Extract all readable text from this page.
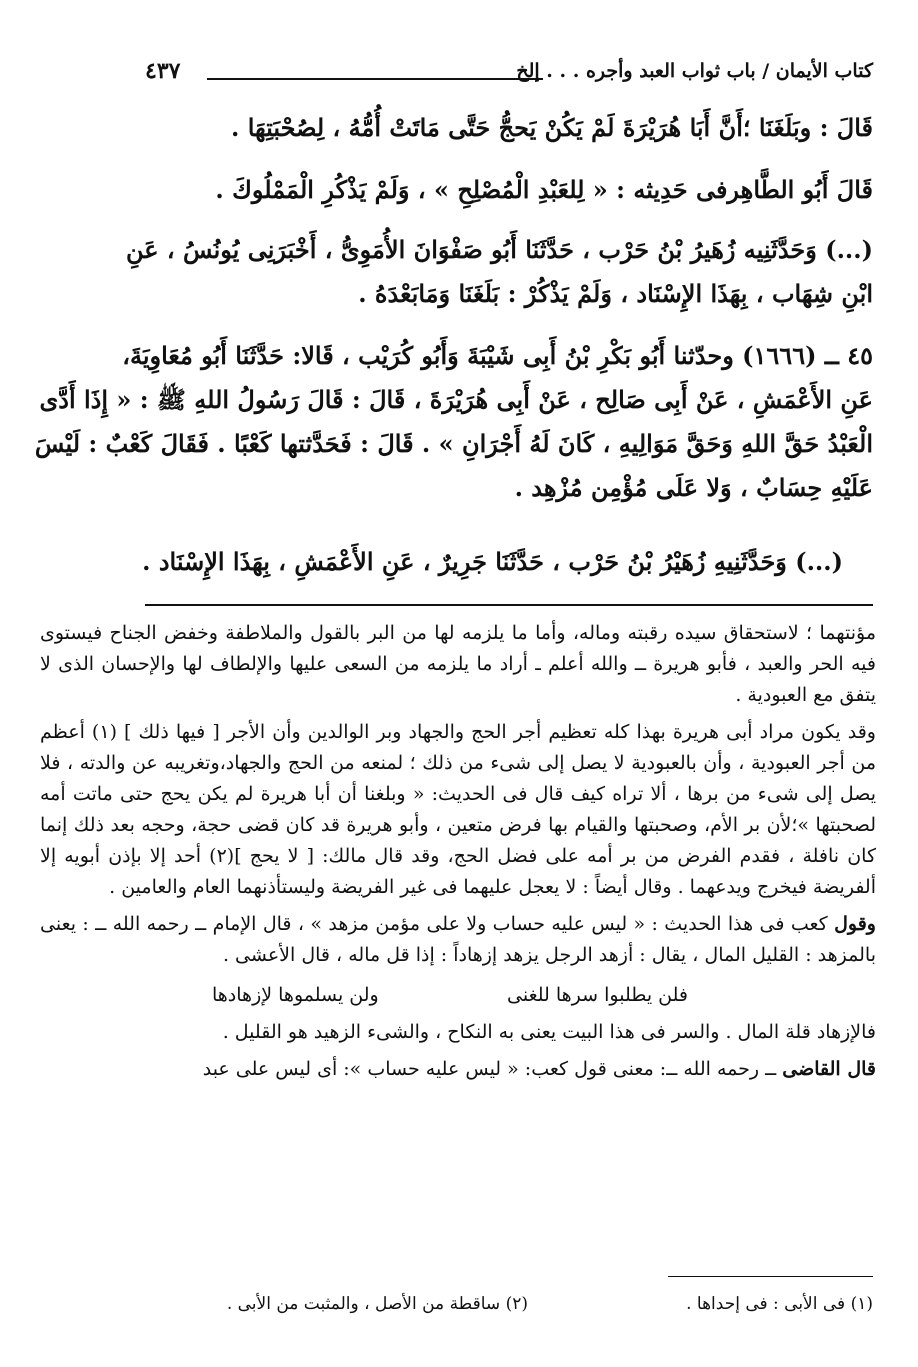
كتاب الأيمان / باب ثواب العبد وأجره . . . إلخ
٤٣٧
قَالَ : وبَلَغَنَا ؛أَنَّ أَبَا هُرَيْرَةَ لَمْ يَكُنْ يَحجُّ حَتَّى مَاتَتْ أُمُّهُ ، لِصُحْبَتِهَا .
قَالَ أَبُو الطَّاهِرفى حَدِيثه : « لِلعَبْدِ الْمُصْلِحِ » ، وَلَمْ يَذْكُرِ الْمَمْلُوكَ .
(...) وَحَدَّثَنِيه زُهَيرُ بْنُ حَرْب ، حَدَّثَنَا أَبُو صَفْوَانَ الأُمَوِىُّ ، أَخْبَرَنِى يُونُسُ ، عَنِ
ابْنِ شِهَاب ، بِهَذَا الإِسْنَاد ، وَلَمْ يَذْكُرْ : بَلَغَنَا وَمَابَعْدَهُ .
٤٥ ــ (١٦٦٦) وحدّثنا أَبُو بَكْرِ بْنُ أَبِى شَيْبَةَ وَأَبُو كُرَيْب ، قَالا: حَدَّثَنَا أَبُو مُعَاوِيَةَ،
عَنِ الأَعْمَشِ ، عَنْ أَبِى صَالِح ، عَنْ أَبِى هُرَيْرَةَ ، قَالَ : قَالَ رَسُولُ اللهِ ﷺ : « إِذَا أَدَّى
الْعَبْدُ حَقَّ اللهِ وَحَقَّ مَوَالِيهِ ، كَانَ لَهُ أَجْرَانِ » . قَالَ : فَحَدَّثتها كَعْبًا . فَقَالَ كَعْبٌ : لَيْسَ
عَلَيْهِ حِسَابٌ ، وَلا عَلَى مُؤْمِن مُزْهِد .
(...) وَحَدَّثَنِيهِ زُهَيْرُ بْنُ حَرْب ، حَدَّثَنَا جَرِيرٌ ، عَنِ الأَعْمَشِ ، بِهَذَا الإِسْنَاد .

مؤنتهما ؛ لاستحقاق سيده رقبته وماله، وأما ما يلزمه لها من البر بالقول والملاطفة وخفض الجناح فيستوى فيه الحر والعبد ، فأبو هريرة ــ والله أعلم ـ أراد ما يلزمه من السعى عليها والإلطاف لها والإحسان الذى لا يتفق مع العبودية .

وقد يكون مراد أبى هريرة بهذا كله تعظيم أجر الحج والجهاد وبر الوالدين وأن الأجر [ فيها ذلك ] (١) أعظم من أجر العبودية ، وأن بالعبودية لا يصل إلى شىء من ذلك ؛ لمنعه من الحج والجهاد،وتغريبه عن والدته ، فلا يصل إلى شىء من برها ، ألا تراه كيف قال فى الحديث: « وبلغنا أن أبا هريرة لم يكن يحج حتى ماتت أمه لصحبتها »؛لأن بر الأم، وصحبتها والقيام بها فرض متعين ، وأبو هريرة قد كان قضى حجة، وحجه بعد ذلك إنما كان نافلة ، فقدم الفرض من بر أمه على فضل الحج، وقد قال مالك: [ لا يحج ](٢) أحد إلا بإذن أبويه إلا ألفريضة فيخرج ويدعهما . وقال أيضاً : لا يعجل عليهما فى غير الفريضة وليستأذنهما العام والعامين .

وقول كعب فى هذا الحديث : « ليس عليه حساب ولا على مؤمن مزهد » ، قال الإمام ــ رحمه الله ــ : يعنى بالمزهد : القليل المال ، يقال : أزهد الرجل يزهد إزهاداً : إذا قل ماله ، قال الأعشى .

فلن يطلبوا سرها للغنى
ولن يسلموها لإزهادها

فالإزهاد قلة المال . والسر فى هذا البيت يعنى به النكاح ، والشىء الزهيد هو القليل .

قال القاضى ــ رحمه الله ــ: معنى قول كعب: « ليس عليه حساب »: أى ليس على عبد

(١) فى الأبى : فى إحداها .
(٢) ساقطة من الأصل ، والمثبت من الأبى .
